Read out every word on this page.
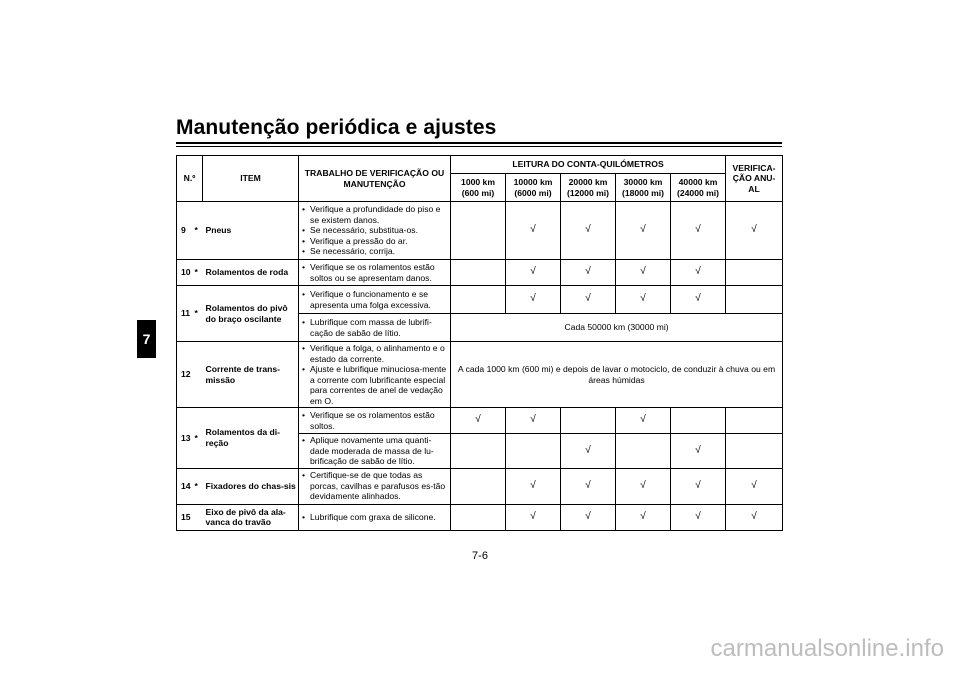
Manutenção periódica e ajustes
7
N.º		ITEM	TRABALHO DE VERIFICAÇÃO OU MANUTENÇÃO	LEITURA DO CONTA-QUILÓMETROS					VERIFICA-ÇÃO ANU-AL
				1000 km
(600 mi)	10000 km
(6000 mi)	20000 km
(12000 mi)	30000 km
(18000 mi)	40000 km
(24000 mi)	
9	*	Pneus	• Verifique a profundidade do piso e se existem danos.
• Se necessário, substitua-os.
• Verifique a pressão do ar.
• Se necessário, corrija.		√	√	√	√	√
10	*	Rolamentos de roda	• Verifique se os rolamentos estão soltos ou se apresentam danos.		√	√	√	√	
11	*	Rolamentos do pivô do braço oscilante	• Verifique o funcionamento e se apresenta uma folga excessiva.		√	√	√	√	

			• Lubrifique com massa de lubrifi-cação de sabão de lítio.	Cada 50000 km (30000 mi)					
12		Corrente de trans-missão	• Verifique a folga, o alinhamento e o estado da corrente.
• Ajuste e lubrifique minuciosa-mente a corrente com lubrificante especial para correntes de anel de vedação em O.	A cada 1000 km (600 mi) e depois de lavar o motociclo, de conduzir à chuva ou em áreas húmidas					
13	*	Rolamentos da di-reção	• Verifique se os rolamentos estão soltos.	√	√		√		

			• Aplique novamente uma quanti-dade moderada de massa de lu-brificação de sabão de lítio.			√		√	
14	*	Fixadores do chas-sis	• Certifique-se de que todas as porcas, cavilhas e parafusos es-tão devidamente alinhados.		√	√	√	√	√
15		Eixo de pivô da ala-vanca do travão	• Lubrifique com graxa de silicone.		√	√	√	√	√
7-6
carmanualsonline.info
